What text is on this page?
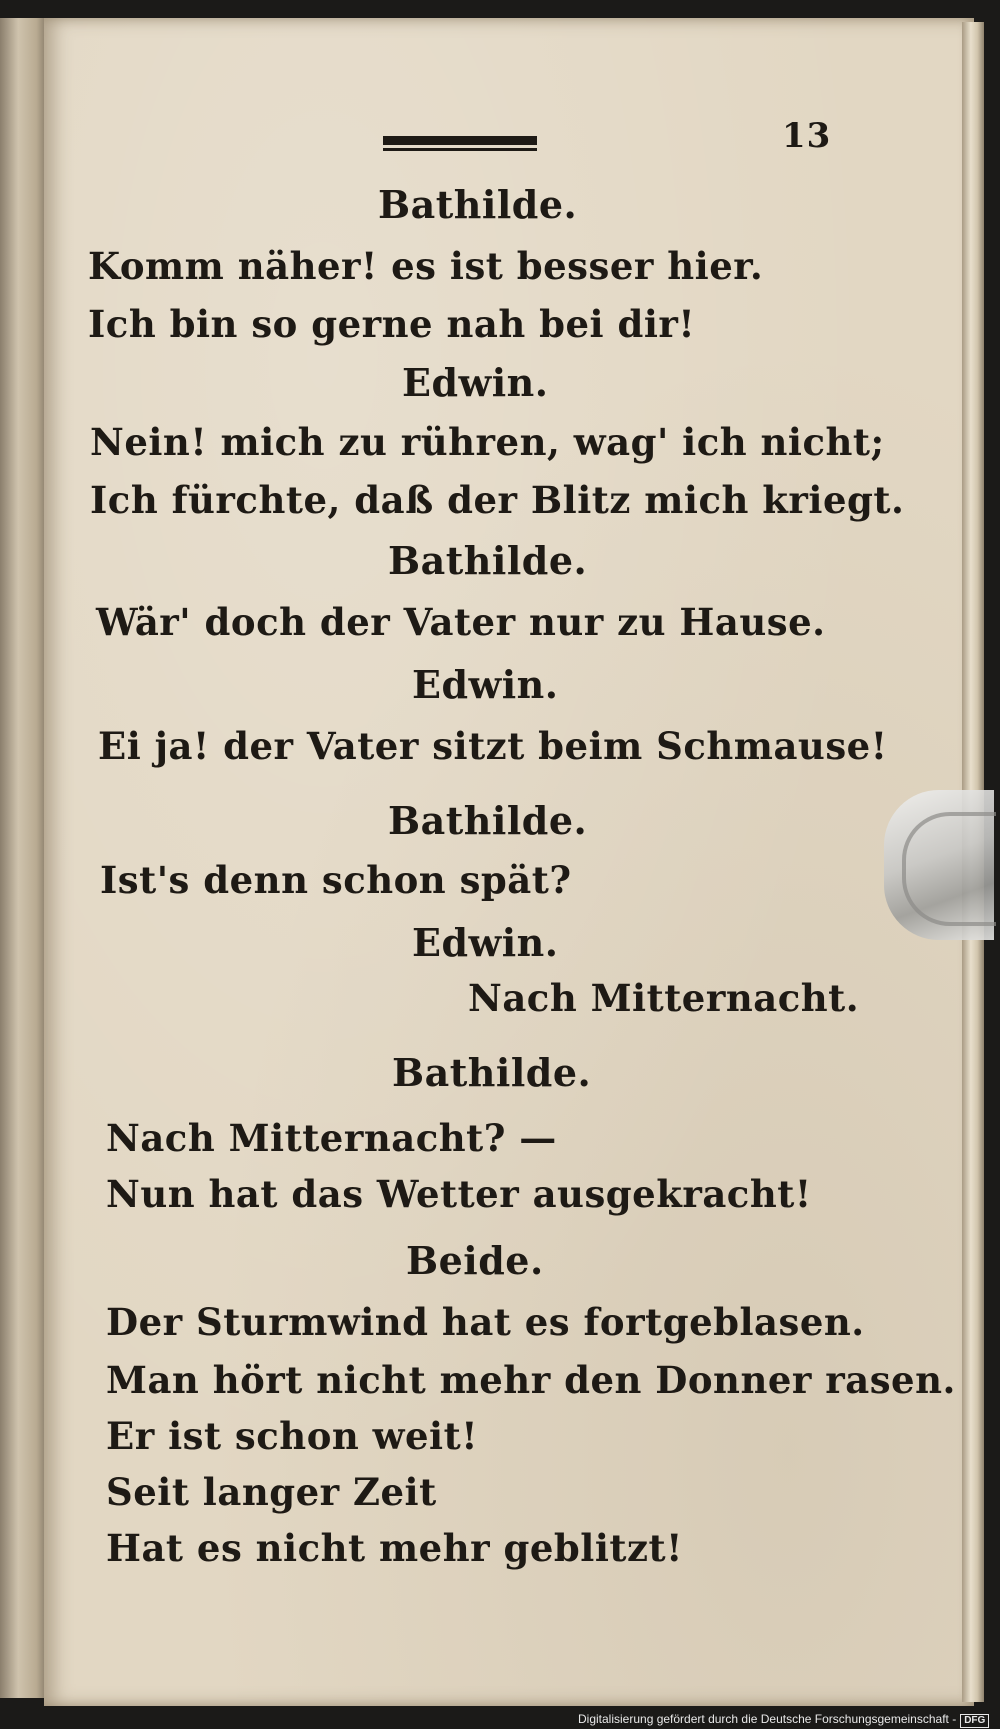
13
Bathilde.
Komm näher! es ist besser hier.
Ich bin so gerne nah bei dir!
Edwin.
Nein! mich zu rühren, wag' ich nicht;
Ich fürchte, daß der Blitz mich kriegt.
Bathilde.
Wär' doch der Vater nur zu Hause.
Edwin.
Ei ja! der Vater sitzt beim Schmause!
Bathilde.
Ist's denn schon spät?
Edwin.
Nach Mitternacht.
Bathilde.
Nach Mitternacht? —
Nun hat das Wetter ausgekracht!
Beide.
Der Sturmwind hat es fortgeblasen.
Man hört nicht mehr den Donner rasen.
Er ist schon weit!
Seit langer Zeit
Hat es nicht mehr geblitzt!
Digitalisierung gefördert durch die Deutsche Forschungsgemeinschaft - DFG
